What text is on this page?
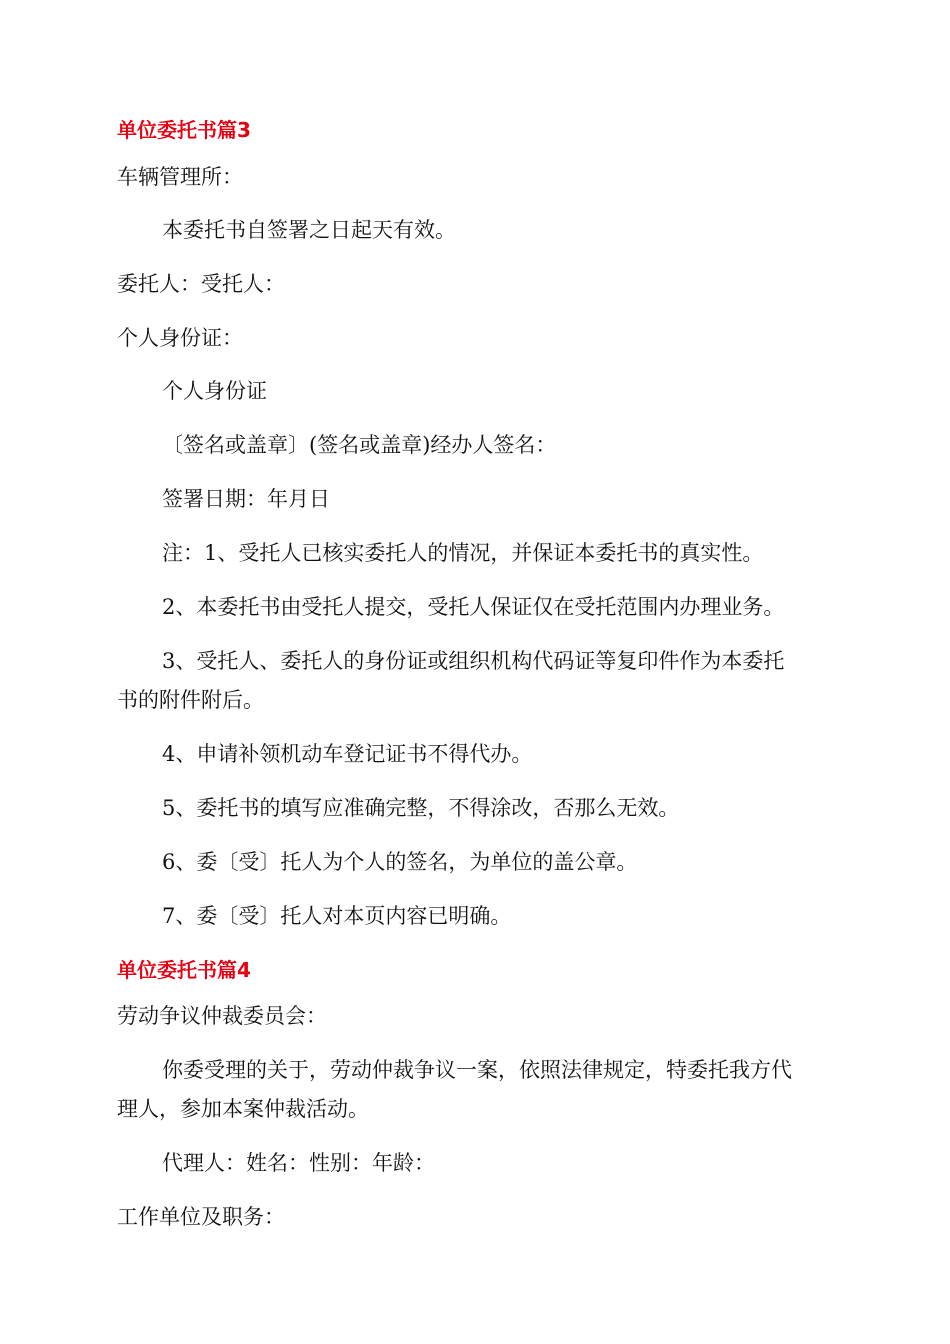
单位委托书篇3
车辆管理所：
本委托书自签署之日起天有效。
委托人：受托人：
个人身份证：
个人身份证
〔签名或盖章〕(签名或盖章)经办人签名：
签署日期：年月日
注：1、受托人已核实委托人的情况，并保证本委托书的真实性。
2、本委托书由受托人提交，受托人保证仅在受托范围内办理业务。
3、受托人、委托人的身份证或组织机构代码证等复印件作为本委托
书的附件附后。
4、申请补领机动车登记证书不得代办。
5、委托书的填写应准确完整，不得涂改，否那么无效。
6、委〔受〕托人为个人的签名，为单位的盖公章。
7、委〔受〕托人对本页内容已明确。
单位委托书篇4
劳动争议仲裁委员会：
你委受理的关于，劳动仲裁争议一案，依照法律规定，特委托我方代
理人，参加本案仲裁活动。
代理人：姓名：性别：年龄：
工作单位及职务：
